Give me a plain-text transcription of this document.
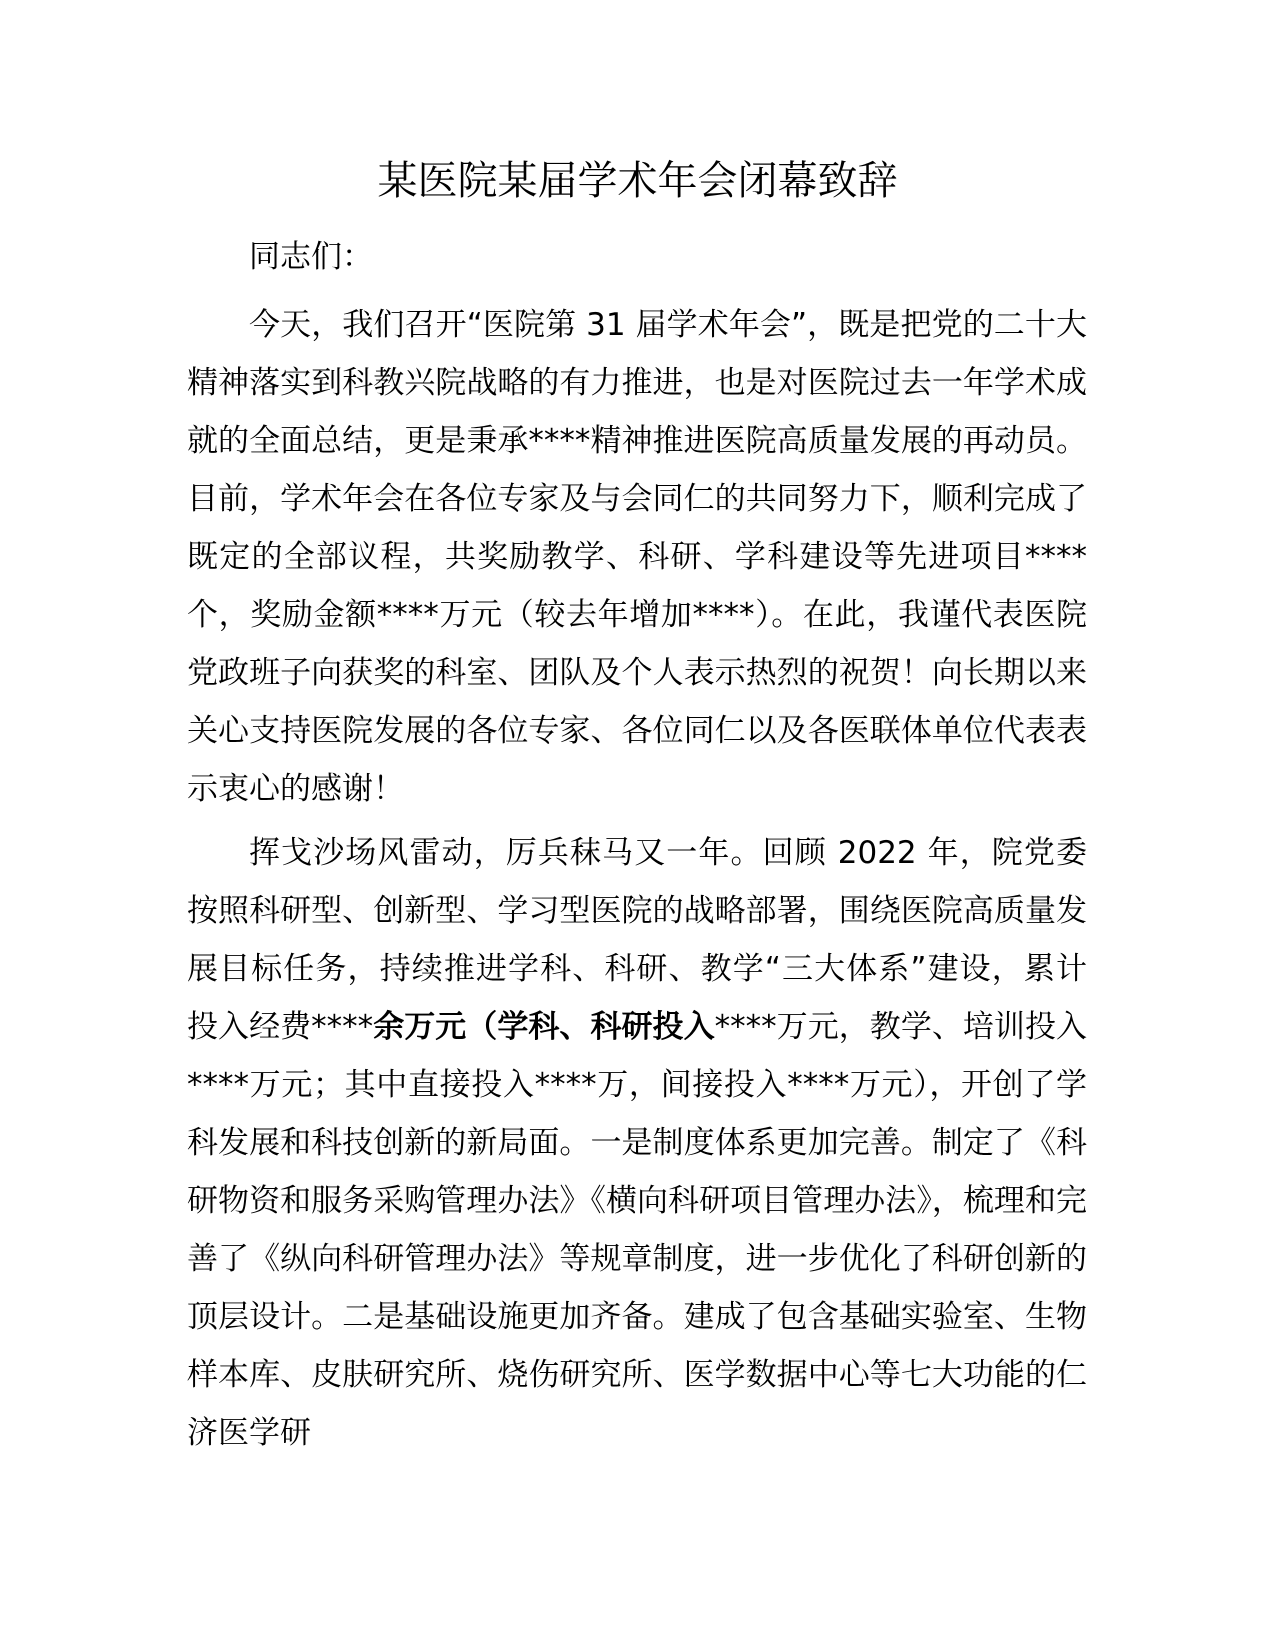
某医院某届学术年会闭幕致辞

同志们：

今天，我们召开“医院第 31 届学术年会”，既是把党的二十大精神落实到科教兴院战略的有力推进，也是对医院过去一年学术成就的全面总结，更是秉承****精神推进医院高质量发展的再动员。目前，学术年会在各位专家及与会同仁的共同努力下，顺利完成了既定的全部议程，共奖励教学、科研、学科建设等先进项目****个，奖励金额****万元（较去年增加****）。在此，我谨代表医院党政班子向获奖的科室、团队及个人表示热烈的祝贺！向长期以来关心支持医院发展的各位专家、各位同仁以及各医联体单位代表表示衷心的感谢！

挥戈沙场风雷动，厉兵秣马又一年。回顾 2022 年，院党委按照科研型、创新型、学习型医院的战略部署，围绕医院高质量发展目标任务，持续推进学科、科研、教学“三大体系”建设，累计投入经费****余万元（学科、科研投入****万元，教学、培训投入****万元；其中直接投入****万，间接投入****万元），开创了学科发展和科技创新的新局面。一是制度体系更加完善。制定了《科研物资和服务采购管理办法》《横向科研项目管理办法》，梳理和完善了《纵向科研管理办法》等规章制度，进一步优化了科研创新的顶层设计。二是基础设施更加齐备。建成了包含基础实验室、生物样本库、皮肤研究所、烧伤研究所、医学数据中心等七大功能的仁济医学研
